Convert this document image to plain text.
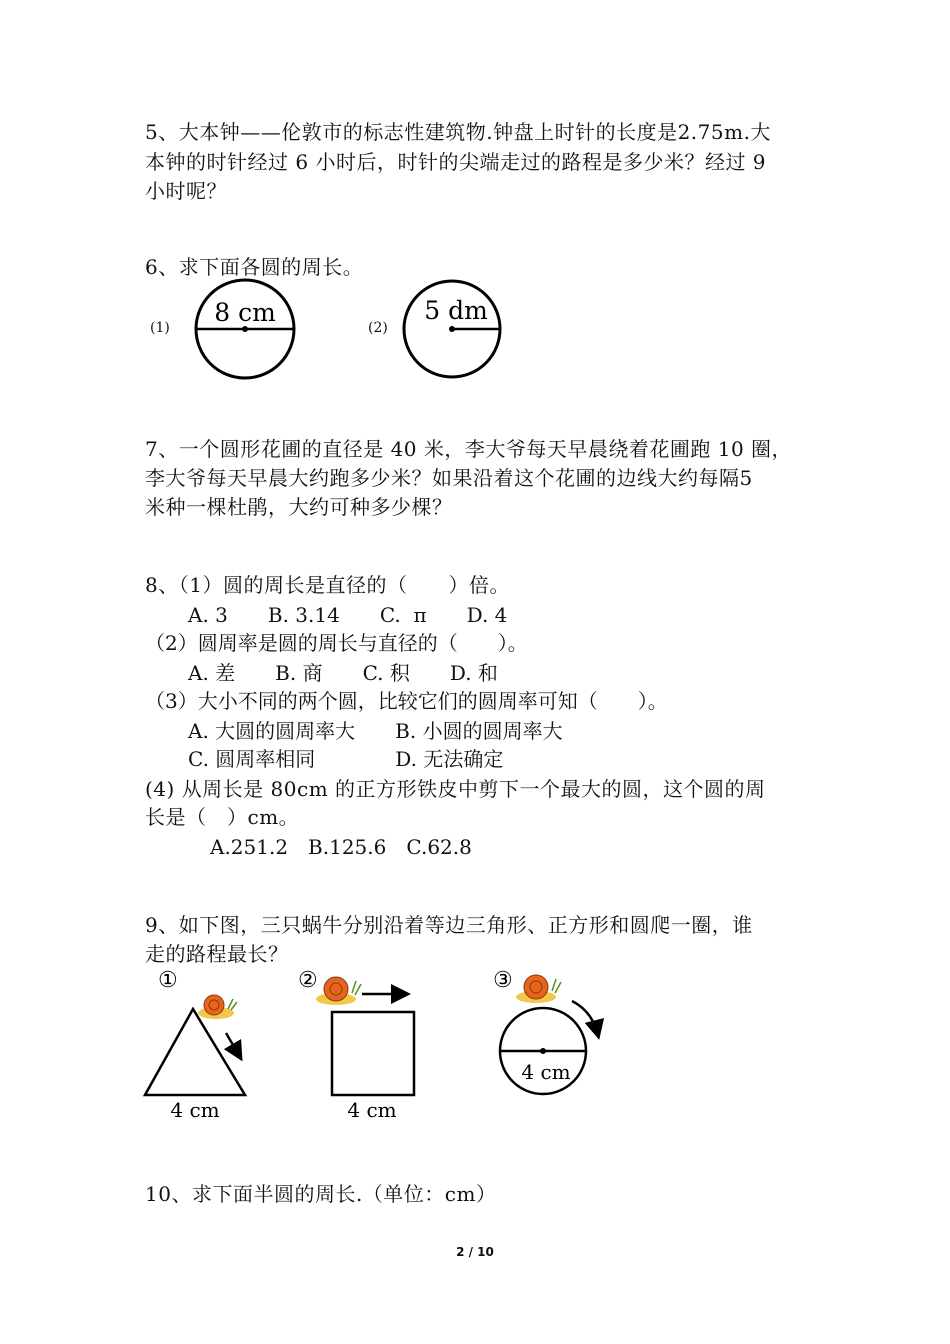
5、大本钟——伦敦市的标志性建筑物.钟盘上时针的长度是2.75m.大
本钟的时针经过 6 小时后，时针的尖端走过的路程是多少米？经过 9
小时呢？
6、求下面各圆的周长。
(1)	(2)
8 cm	5 dm
7、一个圆形花圃的直径是 40 米，李大爷每天早晨绕着花圃跑 10 圈，
李大爷每天早晨大约跑多少米？如果沿着这个花圃的边线大约每隔5
米种一棵杜鹃，大约可种多少棵？
8、（1）圆的周长是直径的（　　）倍。
A. 3　　B. 3.14　　C.  π　　D. 4
（2）圆周率是圆的周长与直径的（　　）。
A. 差　　B. 商　　C. 积　　D. 和
（3）大小不同的两个圆，比较它们的圆周率可知（　　）。
A. 大圆的圆周率大　　B. 小圆的圆周率大
C. 圆周率相同　　　　D. 无法确定
(4) 从周长是 80cm 的正方形铁皮中剪下一个最大的圆，这个圆的周
长是（　）cm。
A.251.2　B.125.6　C.62.8
9、如下图，三只蜗牛分别沿着等边三角形、正方形和圆爬一圈，谁
走的路程最长？
①
4 cm
②
4 cm
③
4 cm
10、求下面半圆的周长.（单位：cm）
2 / 10
